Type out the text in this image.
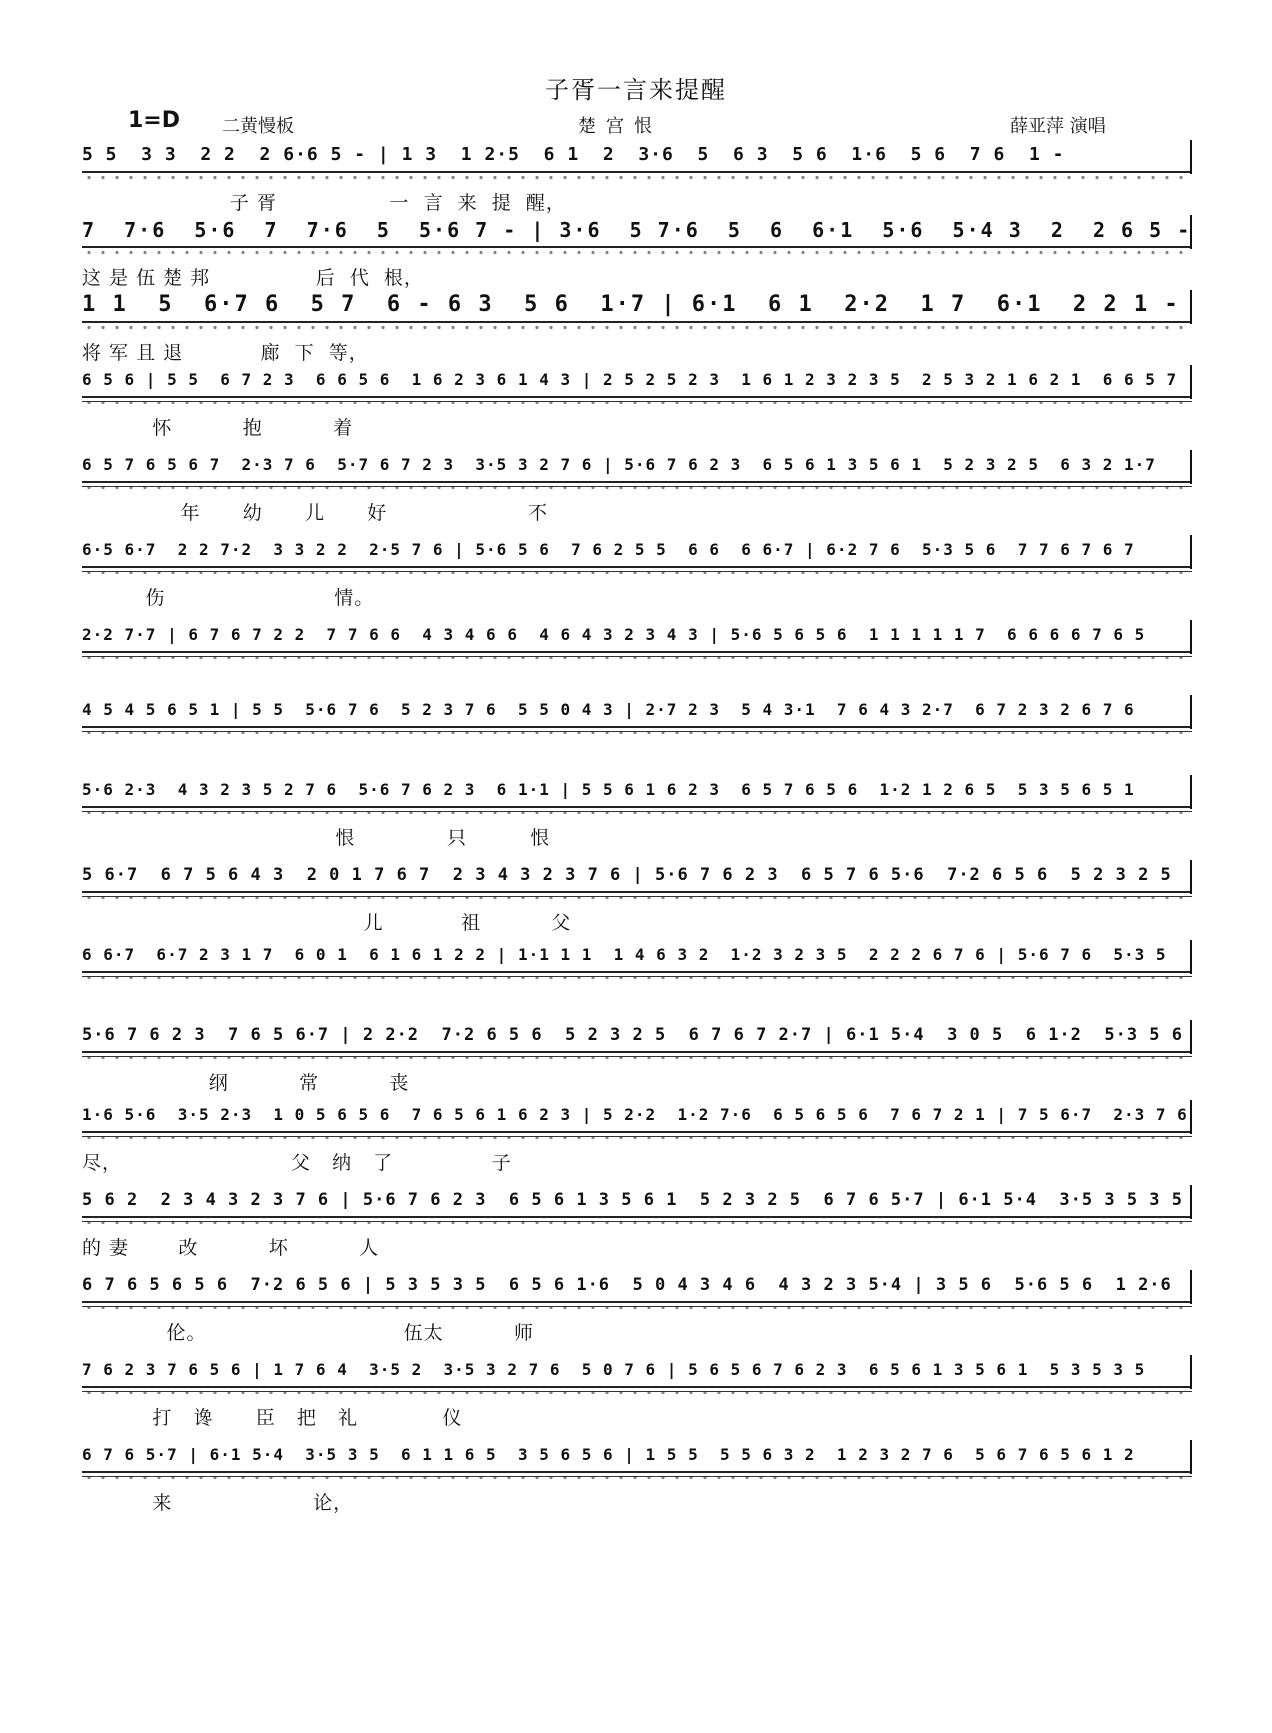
子胥一言来提醒
1=D 二黄慢板	楚宫恨	薛亚萍 演唱
5 5  3 3  2 2  2 6·6 5 - | 1 3  1 2·5  6 1  2  3·6  5  6 3  5 6  1·6  5 6  7 6  1 -
子 胥                一  言  来  提  醒，
7  7·6  5·6  7  7·6  5  5·6 7 - | 3·6  5 7·6  5  6  6·1  5·6  5·4 3  2  2 6 5 -
这 是 伍 楚 邦               后  代  根，
1 1  5  6·7 6  5 7  6 - 6 3  5 6  1·7 | 6·1  6 1  2·2  1 7  6·1  2 2 1 -
将 军 且 退           廊  下  等，
6 5 6 | 5 5  6 7 2 3  6 6 5 6  1 6 2 3 6 1 4 3 | 2 5 2 5 2 3  1 6 1 2 3 2 3 5  2 5 3 2 1 6 2 1  6 6 5 7
怀          抱          着
6 5 7 6 5 6 7  2·3 7 6  5·7 6 7 2 3  3·5 3 2 7 6 | 5·6 7 6 2 3  6 5 6 1 3 5 6 1  5 2 3 2 5  6 3 2 1·7
年      幼      儿      好                    不
6·5 6·7  2 2 7·2  3 3 2 2  2·5 7 6 | 5·6 5 6  7 6 2 5 5  6 6  6 6·7 | 6·2 7 6  5·3 5 6  7 7 6 7 6 7
伤                        情。
2·2 7·7 | 6 7 6 7 2 2  7 7 6 6  4 3 4 6 6  4 6 4 3 2 3 4 3 | 5·6 5 6 5 6  1 1 1 1 1 7  6 6 6 6 7 6 5
4 5 4 5 6 5 1 | 5 5  5·6 7 6  5 2 3 7 6  5 5 0 4 3 | 2·7 2 3  5 4 3·1  7 6 4 3 2·7  6 7 2 3 2 6 7 6
5·6 2·3  4 3 2 3 5 2 7 6  5·6 7 6 2 3  6 1·1 | 5 5 6 1 6 2 3  6 5 7 6 5 6  1·2 1 2 6 5  5 3 5 6 5 1
恨             只         恨
5 6·7  6 7 5 6 4 3  2 0 1 7 6 7  2 3 4 3 2 3 7 6 | 5·6 7 6 2 3  6 5 7 6 5·6  7·2 6 5 6  5 2 3 2 5
儿           祖          父
6 6·7  6·7 2 3 1 7  6 0 1  6 1 6 1 2 2 | 1·1 1 1  1 4 6 3 2  1·2 3 2 3 5  2 2 2 6 7 6 | 5·6 7 6  5·3 5
5·6 7 6 2 3  7 6 5 6·7 | 2 2·2  7·2 6 5 6  5 2 3 2 5  6 7 6 7 2·7 | 6·1 5·4  3 0 5  6 1·2  5·3 5 6
纲          常          丧
1·6 5·6  3·5 2·3  1 0 5 6 5 6  7 6 5 6 1 6 2 3 | 5 2·2  1·2 7·6  6 5 6 5 6  7 6 7 2 1 | 7 5 6·7  2·3 7 6
尽，                        父   纳   了              子
5 6 2  2 3 4 3 2 3 7 6 | 5·6 7 6 2 3  6 5 6 1 3 5 6 1  5 2 3 2 5  6 7 6 5·7 | 6·1 5·4  3·5 3 5 3 5
的 妻       改          坏          人
6 7 6 5 6 5 6  7·2 6 5 6 | 5 3 5 3 5  6 5 6 1·6  5 0 4 3 4 6  4 3 2 3 5·4 | 3 5 6  5·6 5 6  1 2·6
伦。                            伍太          师
7 6 2 3 7 6 5 6 | 1 7 6 4  3·5 2  3·5 3 2 7 6  5 0 7 6 | 5 6 5 6 7 6 2 3  6 5 6 1 3 5 6 1  5 3 5 3 5
打   谗      臣   把   礼            仪
6 7 6 5·7 | 6·1 5·4  3·5 3 5  6 1 1 6 5  3 5 6 5 6 | 1 5 5  5 5 6 3 2  1 2 3 2 7 6  5 6 7 6 5 6 1 2
来                    论，
